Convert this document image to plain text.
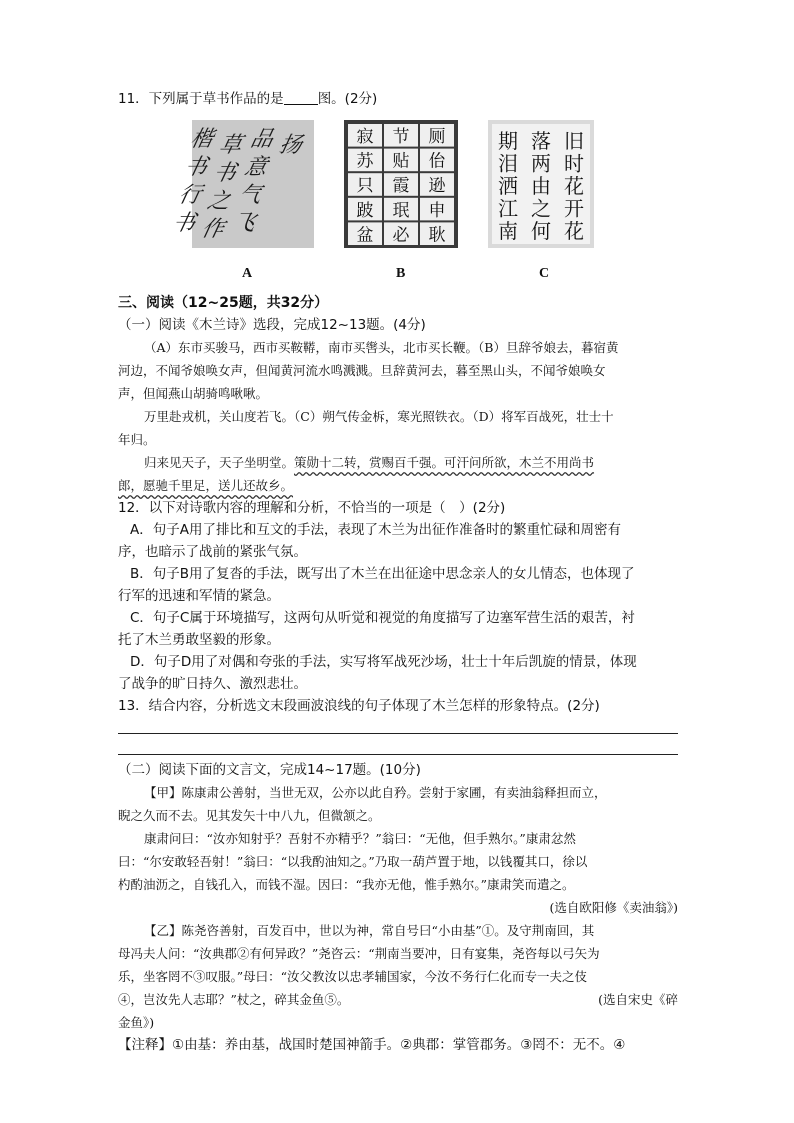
11．下列属于草书作品的是	图。(2分)
楷
书
行
书
草
书
之
作
品
意
气
飞
扬	寂 节 厕
苏 贴 佁
只 霞 逊
跛 珉 申
盆 必 耿
期 落 旧
泪 两 时
洒 由 花
江 之 开
南 何 花
A	B	C
三、阅读（12~25题，共32分）
（一）阅读《木兰诗》选段，完成12~13题。(4分)
（A）东市买骏马，西市买鞍鞯，南市买辔头，北市买长鞭。（B）旦辞爷娘去，暮宿黄
河边，不闻爷娘唤女声，但闻黄河流水鸣溅溅。旦辞黄河去，暮至黑山头，不闻爷娘唤女
声，但闻燕山胡骑鸣啾啾。
万里赴戎机，关山度若飞。（C）朔气传金柝，寒光照铁衣。（D）将军百战死，壮士十
年归。
归来见天子，天子坐明堂。策勋十二转，赏赐百千强。可汗问所欲，木兰不用尚书
郎，愿驰千里足，送儿还故乡。
12．以下对诗歌内容的理解和分析，不恰当的一项是（　）(2分)
A．句子A用了排比和互文的手法，表现了木兰为出征作准备时的繁重忙碌和周密有
序，也暗示了战前的紧张气氛。
B．句子B用了复沓的手法，既写出了木兰在出征途中思念亲人的女儿情态，也体现了
行军的迅速和军情的紧急。
C．句子C属于环境描写，这两句从听觉和视觉的角度描写了边塞军营生活的艰苦，衬
托了木兰勇敢坚毅的形象。
D．句子D用了对偶和夸张的手法，实写将军战死沙场，壮士十年后凯旋的情景，体现
了战争的旷日持久、激烈悲壮。
13．结合内容，分析选文末段画波浪线的句子体现了木兰怎样的形象特点。(2分)
（二）阅读下面的文言文，完成14~17题。(10分)
【甲】陈康肃公善射，当世无双，公亦以此自矜。尝射于家圃，有卖油翁释担而立，
睨之久而不去。见其发矢十中八九，但微颔之。
康肃问曰：“汝亦知射乎？吾射不亦精乎？”翁曰：“无他，但手熟尔。”康肃忿然
曰：“尔安敢轻吾射！”翁曰：“以我酌油知之。”乃取一葫芦置于地，以钱覆其口，徐以
杓酌油沥之，自钱孔入，而钱不湿。因曰：“我亦无他，惟手熟尔。”康肃笑而遣之。
(选自欧阳修《卖油翁》)
【乙】陈尧咨善射，百发百中，世以为神，常自号曰“小由基”①。及守荆南回，其
母冯夫人问：“汝典郡②有何异政？”尧咨云：“荆南当要冲，日有宴集，尧咨每以弓矢为
乐，坐客罔不③叹服。”母曰：“汝父教汝以忠孝辅国家，今汝不务行仁化而专一夫之伎
④，岂汝先人志耶？”杖之，碎其金鱼⑤。	(选自宋史《碎
金鱼》)
【注释】①由基：养由基，战国时楚国神箭手。②典郡：掌管郡务。③罔不：无不。④
